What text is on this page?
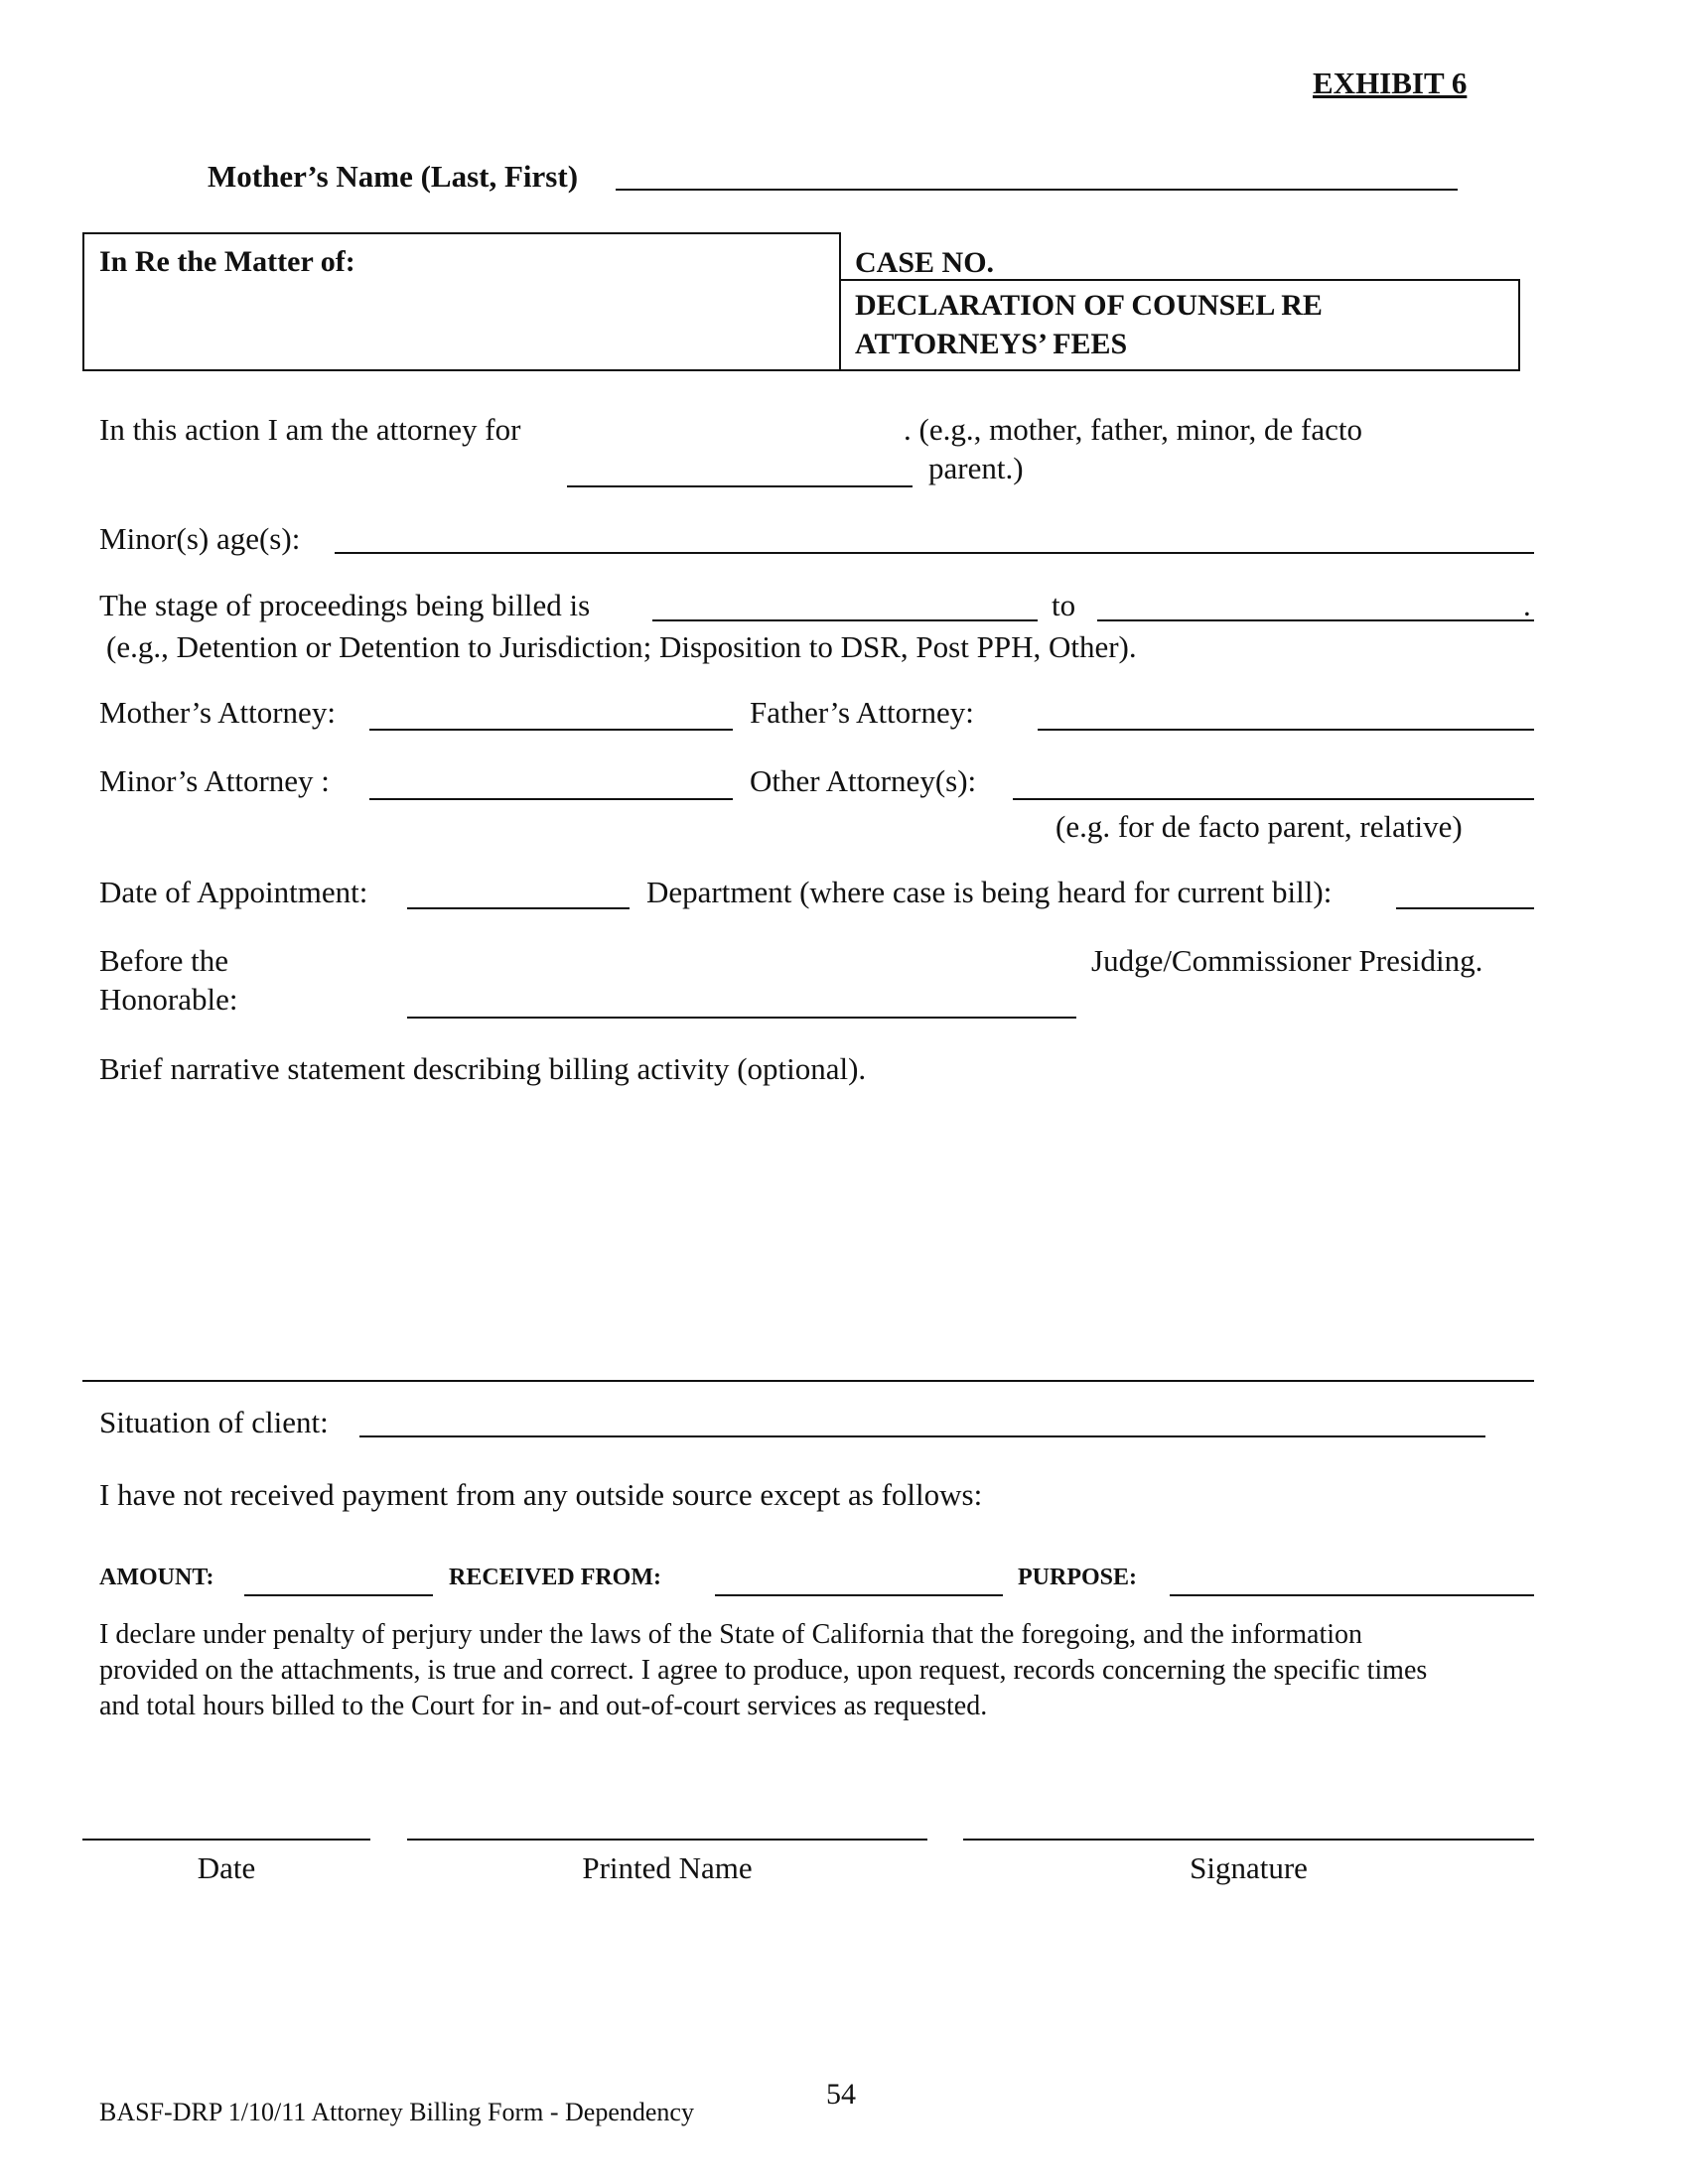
EXHIBIT 6
Mother’s Name (Last, First)
In Re the Matter of:	CASE NO.
DECLARATION OF COUNSEL RE
ATTORNEYS’ FEES
In this action I am the attorney for	. (e.g., mother, father, minor, de facto
parent.)
Minor(s) age(s):
The stage of proceedings being billed is	to	.
(e.g., Detention or Detention to Jurisdiction; Disposition to DSR, Post PPH, Other).
Mother’s Attorney:	Father’s Attorney:
Minor’s Attorney :	Other Attorney(s):
(e.g. for de facto parent, relative)
Date of Appointment:	Department (where case is being heard for current bill):
Before the
Honorable:
Judge/Commissioner Presiding.
Brief narrative statement describing billing activity (optional).
Situation of client:
I have not received payment from any outside source except as follows:
AMOUNT:	RECEIVED FROM:	PURPOSE:
I declare under penalty of perjury under the laws of the State of California that the foregoing, and the information
provided on the attachments, is true and correct. I agree to produce, upon request, records concerning the specific times
and total hours billed to the Court for in- and out-of-court services as requested.
Date	Printed Name	Signature
BASF-DRP 1/10/11 Attorney Billing Form - Dependency
54
